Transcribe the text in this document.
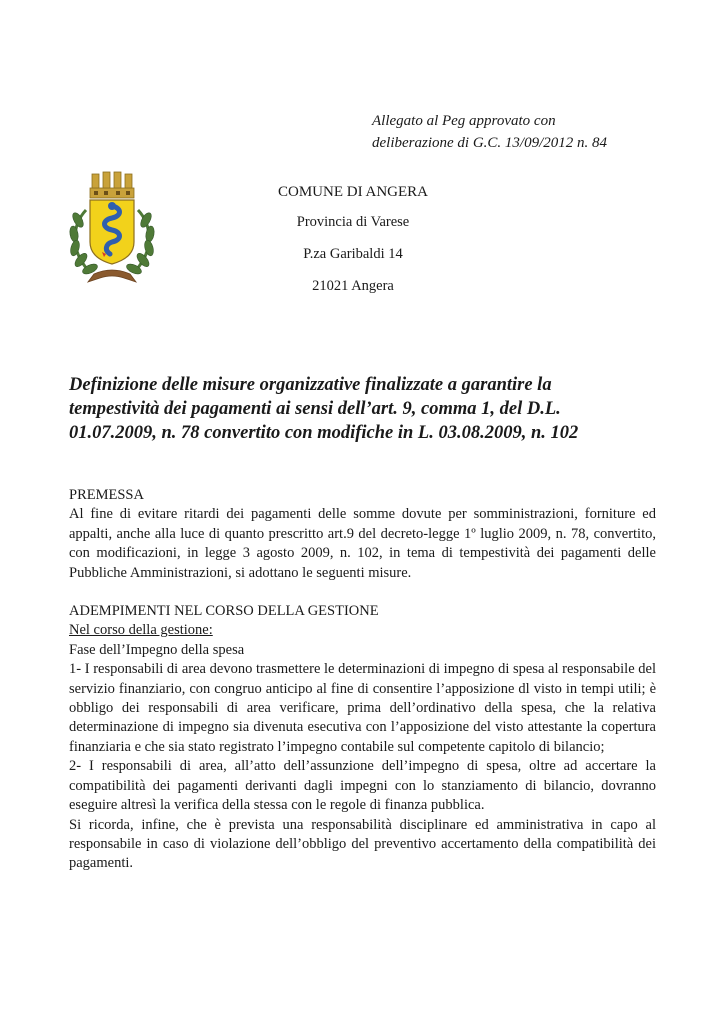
Allegato al Peg approvato con
deliberazione di G.C. 13/09/2012 n. 84
COMUNE DI ANGERA
Provincia di Varese
P.za Garibaldi 14
21021 Angera
Definizione delle misure organizzative finalizzate a garantire la tempestività dei pagamenti ai sensi dell’art. 9, comma 1, del D.L. 01.07.2009, n. 78 convertito con modifiche in L. 03.08.2009, n. 102

PREMESSA

Al fine di evitare ritardi dei pagamenti delle somme dovute per somministrazioni, forniture ed appalti, anche alla luce di quanto prescritto art.9 del decreto-legge 1º luglio 2009, n. 78, convertito, con modificazioni, in legge 3 agosto 2009, n. 102, in tema di tempestività dei pagamenti delle Pubbliche Amministrazioni, si adottano le seguenti misure.

ADEMPIMENTI NEL CORSO DELLA GESTIONE

Nel corso della gestione:

Fase dell’Impegno della spesa

1- I responsabili di area devono trasmettere le determinazioni di impegno di spesa al responsabile del servizio finanziario, con congruo anticipo al fine di consentire l’apposizione dl visto in tempi utili; è obbligo dei responsabili di area verificare, prima dell’ordinativo della spesa, che la relativa determinazione di impegno sia divenuta esecutiva con l’apposizione del visto attestante la copertura finanziaria e che sia stato registrato l’impegno contabile sul competente capitolo di bilancio;

2- I responsabili di area, all’atto dell’assunzione dell’impegno di spesa, oltre ad accertare la compatibilità dei pagamenti derivanti dagli impegni con lo stanziamento di bilancio, dovranno eseguire altresì la verifica della stessa con le regole di finanza pubblica.

Si ricorda, infine, che è prevista una responsabilità disciplinare ed amministrativa in capo al responsabile in caso di violazione dell’obbligo del preventivo accertamento della compatibilità dei pagamenti.
